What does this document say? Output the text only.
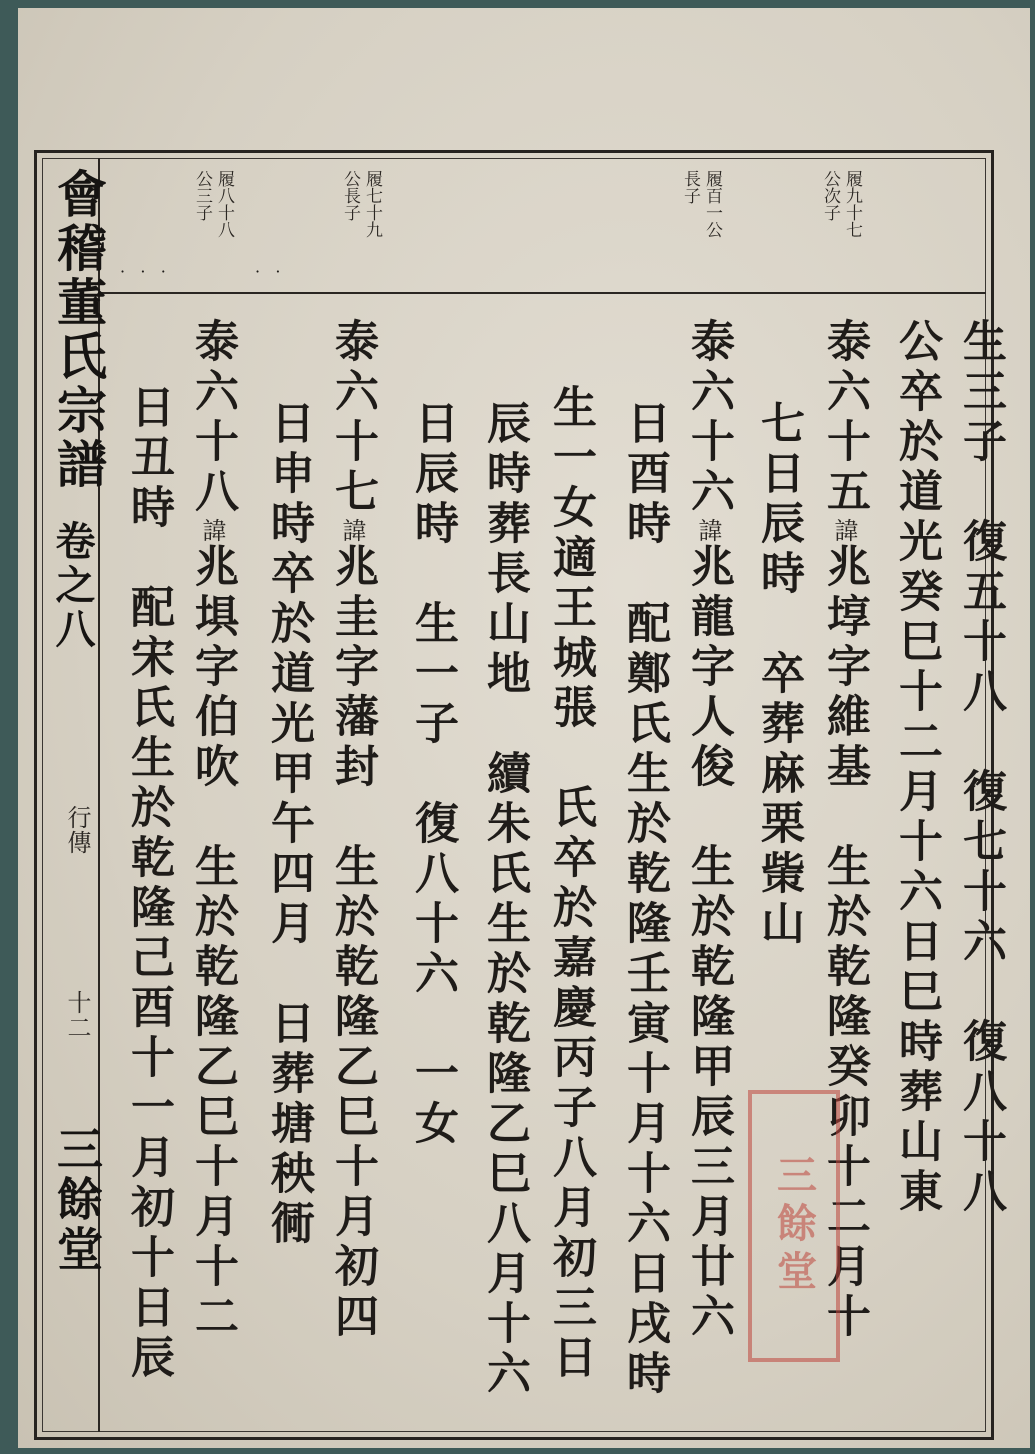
會稽董氏宗譜
卷之八
行傳
十二
三餘堂
履九十七
公次子
履百一公
長子
履七十九
公長子
履八十八
公三子
·   ·   ·	·   ·
生三子　復五十八　復七十六　復八十八
公卒於道光癸巳十二月十六日巳時葬山東
泰六十五諱兆埻字維基　生於乾隆癸卯十二月十
七日辰時　卒葬麻栗㭰山
泰六十六諱兆龍字人俊　生於乾隆甲辰三月廿六
日酉時　配鄭氏生於乾隆壬寅十月十六日戌時
生一女適王城張　氏卒於嘉慶丙子八月初三日
辰時葬長山地　續朱氏生於乾隆乙巳八月十六
日辰時　生一子　復八十六　一女
泰六十七諱兆圭字藩封　生於乾隆乙巳十月初四
日申時卒於道光甲午四月　日葬塘秧衕
泰六十八諱兆埧字伯吹　生於乾隆乙巳十月十二
日丑時　配宋氏生於乾隆己酉十一月初十日辰	三餘堂
